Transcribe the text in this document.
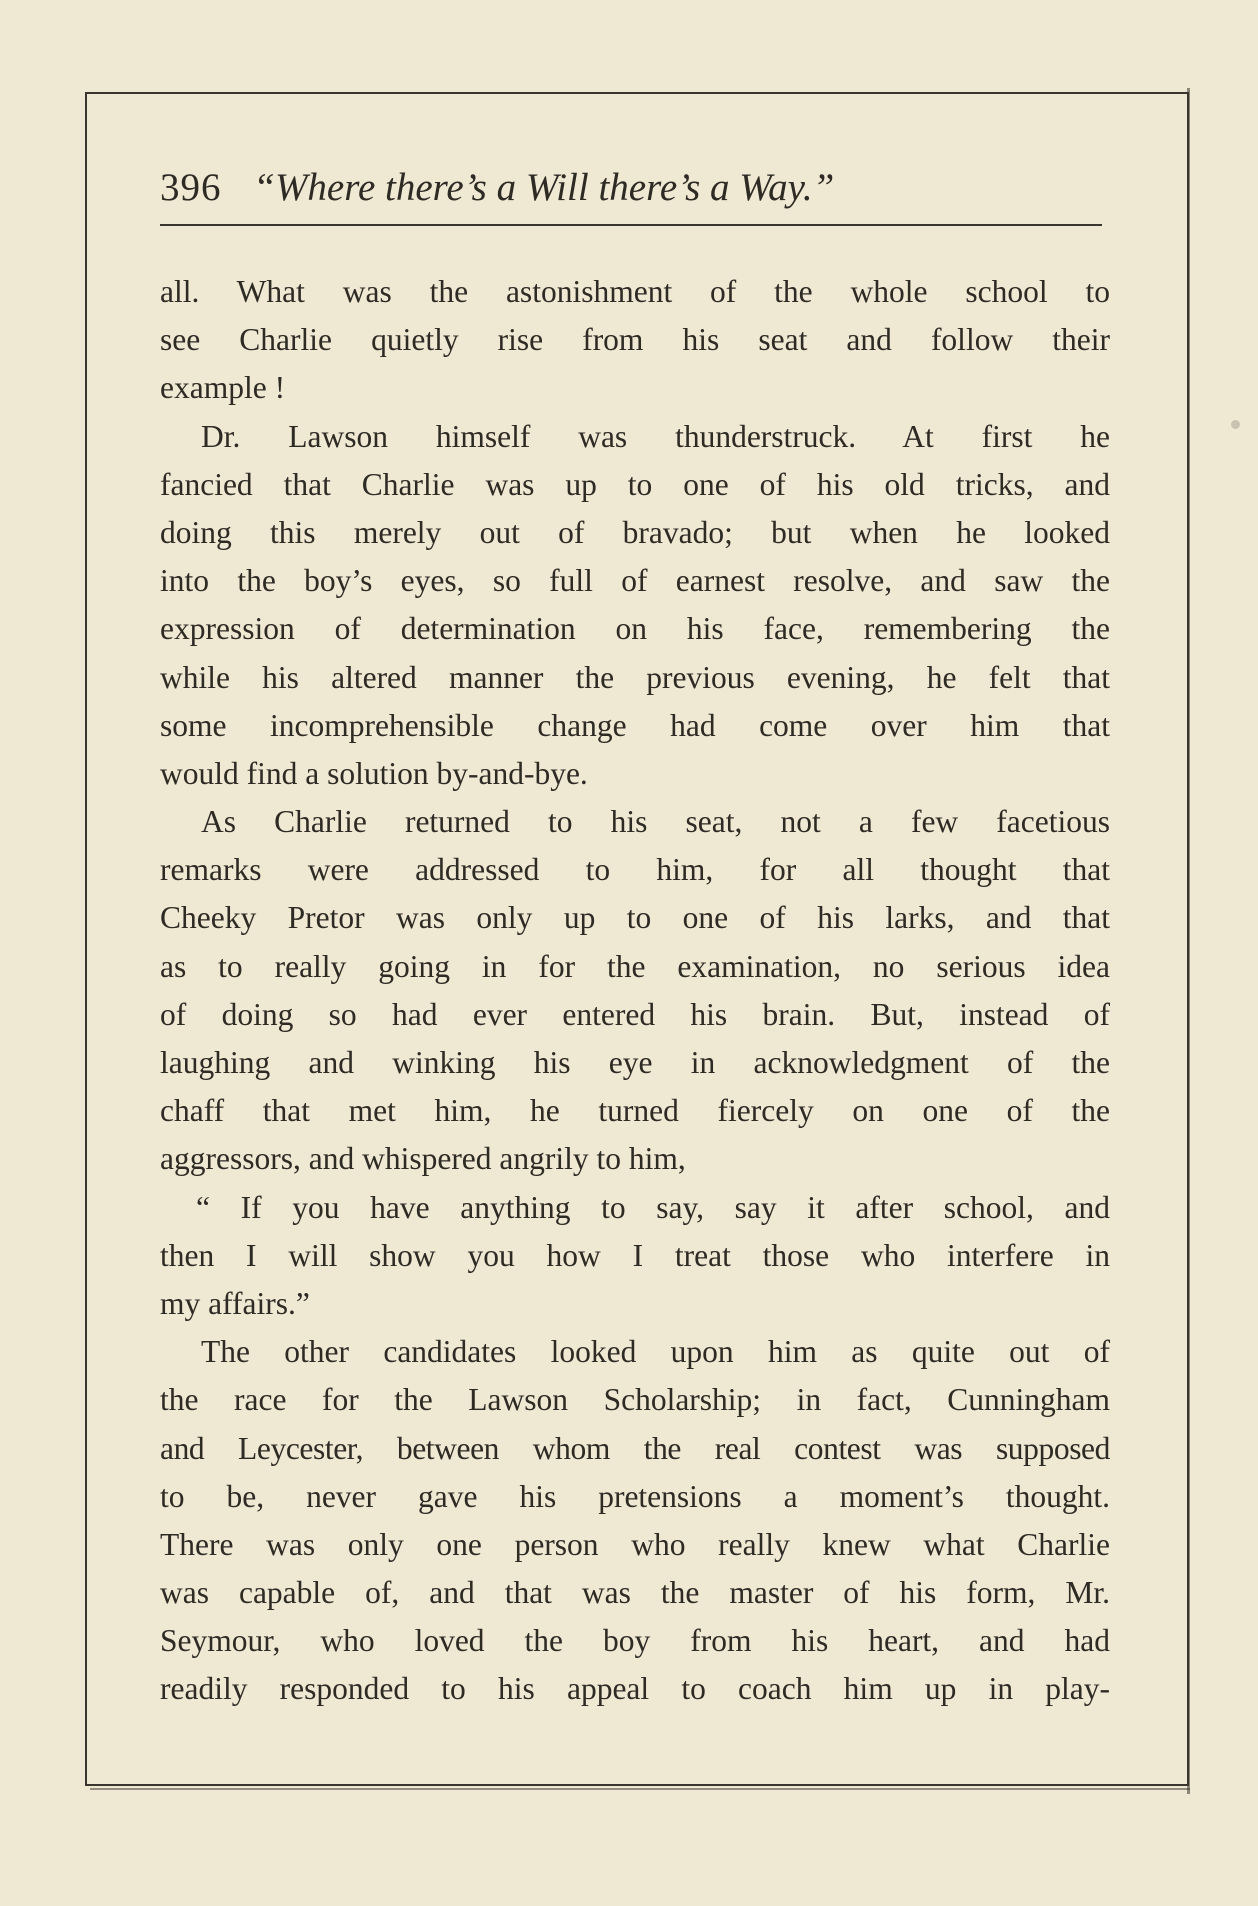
396 “Where there’s a Will there’s a Way.”
all. What was the astonishment of the whole school to
see Charlie quietly rise from his seat and follow their
example !
Dr. Lawson himself was thunderstruck. At first he
fancied that Charlie was up to one of his old tricks, and
doing this merely out of bravado; but when he looked
into the boy’s eyes, so full of earnest resolve, and saw the
expression of determination on his face, remembering the
while his altered manner the previous evening, he felt that
some incomprehensible change had come over him that
would find a solution by-and-bye.
As Charlie returned to his seat, not a few facetious
remarks were addressed to him, for all thought that
Cheeky Pretor was only up to one of his larks, and that
as to really going in for the examination, no serious idea
of doing so had ever entered his brain. But, instead of
laughing and winking his eye in acknowledgment of the
chaff that met him, he turned fiercely on one of the
aggressors, and whispered angrily to him,
“ If you have anything to say, say it after school, and
then I will show you how I treat those who interfere in
my affairs.”
The other candidates looked upon him as quite out of
the race for the Lawson Scholarship; in fact, Cunningham
and Leycester, between whom the real contest was supposed
to be, never gave his pretensions a moment’s thought.
There was only one person who really knew what Charlie
was capable of, and that was the master of his form, Mr.
Seymour, who loved the boy from his heart, and had
readily responded to his appeal to coach him up in play-
